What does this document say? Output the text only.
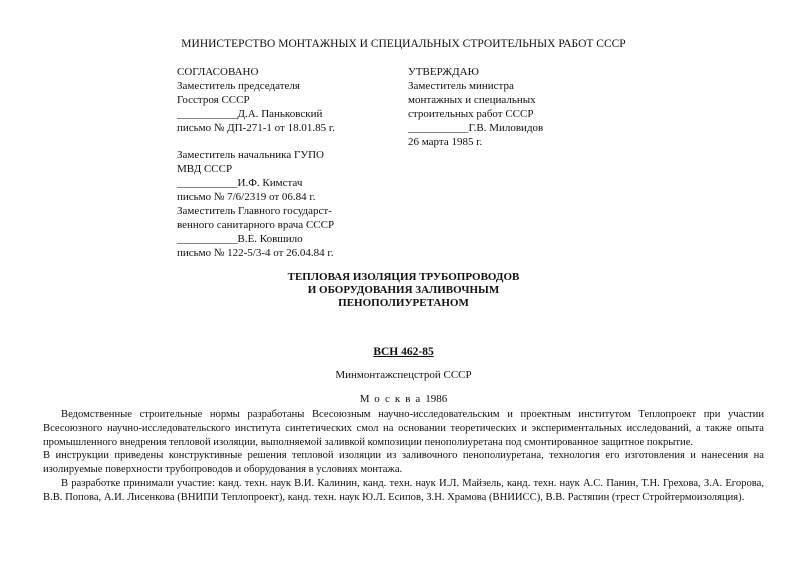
МИНИСТЕРСТВО МОНТАЖНЫХ И СПЕЦИАЛЬНЫХ СТРОИТЕЛЬНЫХ РАБОТ СССР
СОГЛАСОВАНО
Заместитель председателя
Госстроя СССР
___________Д.А. Паньковский
письмо № ДП-271-1 от 18.01.85 г.
Заместитель начальника ГУПО
МВД СССР
___________И.Ф. Кимстач
письмо № 7/6/2319 от 06.84 г.
Заместитель Главного государст-
венного санитарного врача СССР
___________В.Е. Ковшило
письмо № 122-5/3-4 от 26.04.84 г.
УТВЕРЖДАЮ
Заместитель министра
монтажных и специальных
строительных работ СССР
___________Г.В. Миловидов
26 марта 1985 г.
ТЕПЛОВАЯ ИЗОЛЯЦИЯ ТРУБОПРОВОДОВ
И ОБОРУДОВАНИЯ ЗАЛИВОЧНЫМ
ПЕНОПОЛИУРЕТАНОМ
ВСН 462-85
Минмонтажспецстрой СССР
Москва1986

Ведомственные строительные нормы разработаны Всесоюзным научно-исследовательским и проектным институтом Теплопроект при участии Всесоюзного научно-исследовательского института синтетических смол на основании теоретических и экспериментальных исследований, а также опыта промышленного внедрения тепловой изоляции, выполняемой заливкой композиции пенополиуретана под смонтированное защитное покрытие.

В инструкции приведены конструктивные решения тепловой изоляции из заливочного пенополиуретана, технология его изготовления и нанесения на изолируемые поверхности трубопроводов и оборудования в условиях монтажа.

В разработке принимали участие: канд. техн. наук В.И. Калинин, канд. техн. наук И.Л. Майзель, канд. техн. наук А.С. Панин, Т.Н. Грехова, З.А. Егорова, В.В. Попова, А.И. Лисенкова (ВНИПИ Теплопроект), канд. техн. наук Ю.Л. Есипов, З.Н. Храмова (ВНИИСС), В.В. Растяпин (трест Стройтермоизоляция).
